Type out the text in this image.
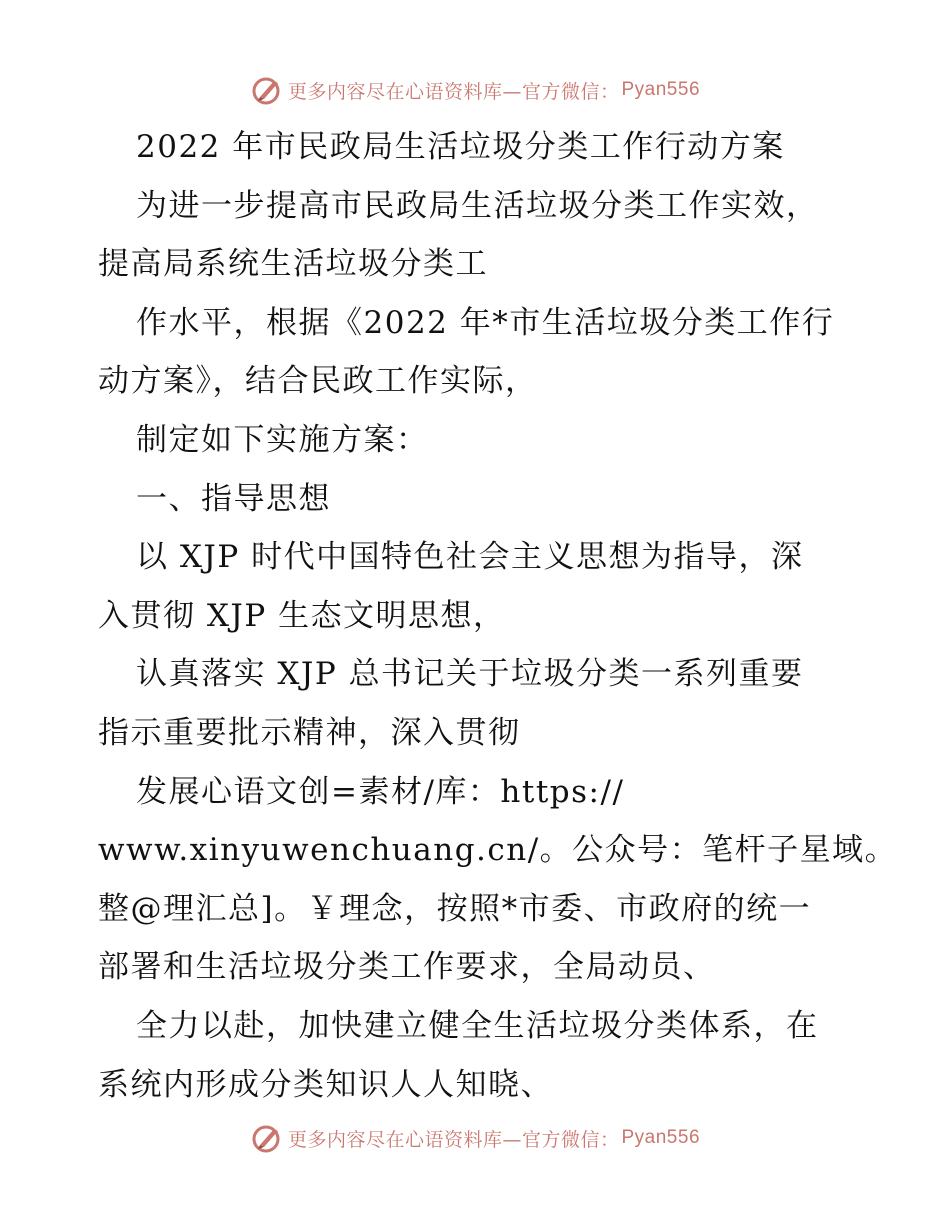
更多内容尽在心语资料库—官方微信： Pyan556
2022 年市民政局生活垃圾分类工作行动方案
为进一步提高市民政局生活垃圾分类工作实效，
提高局系统生活垃圾分类工
作水平，根据《2022 年*市生活垃圾分类工作行
动方案》，结合民政工作实际，
制定如下实施方案：
一、指导思想
以 XJP 时代中国特色社会主义思想为指导，深
入贯彻 XJP 生态文明思想，
认真落实 XJP 总书记关于垃圾分类一系列重要
指示重要批示精神，深入贯彻
发展心语文创=素材/库：https://
www.xinyuwenchuang.cn/。公众号：笔杆子星域。
整@理汇总]。￥理念，按照*市委、市政府的统一
部署和生活垃圾分类工作要求，全局动员、
全力以赴，加快建立健全生活垃圾分类体系，在
系统内形成分类知识人人知晓、
更多内容尽在心语资料库—官方微信： Pyan556
